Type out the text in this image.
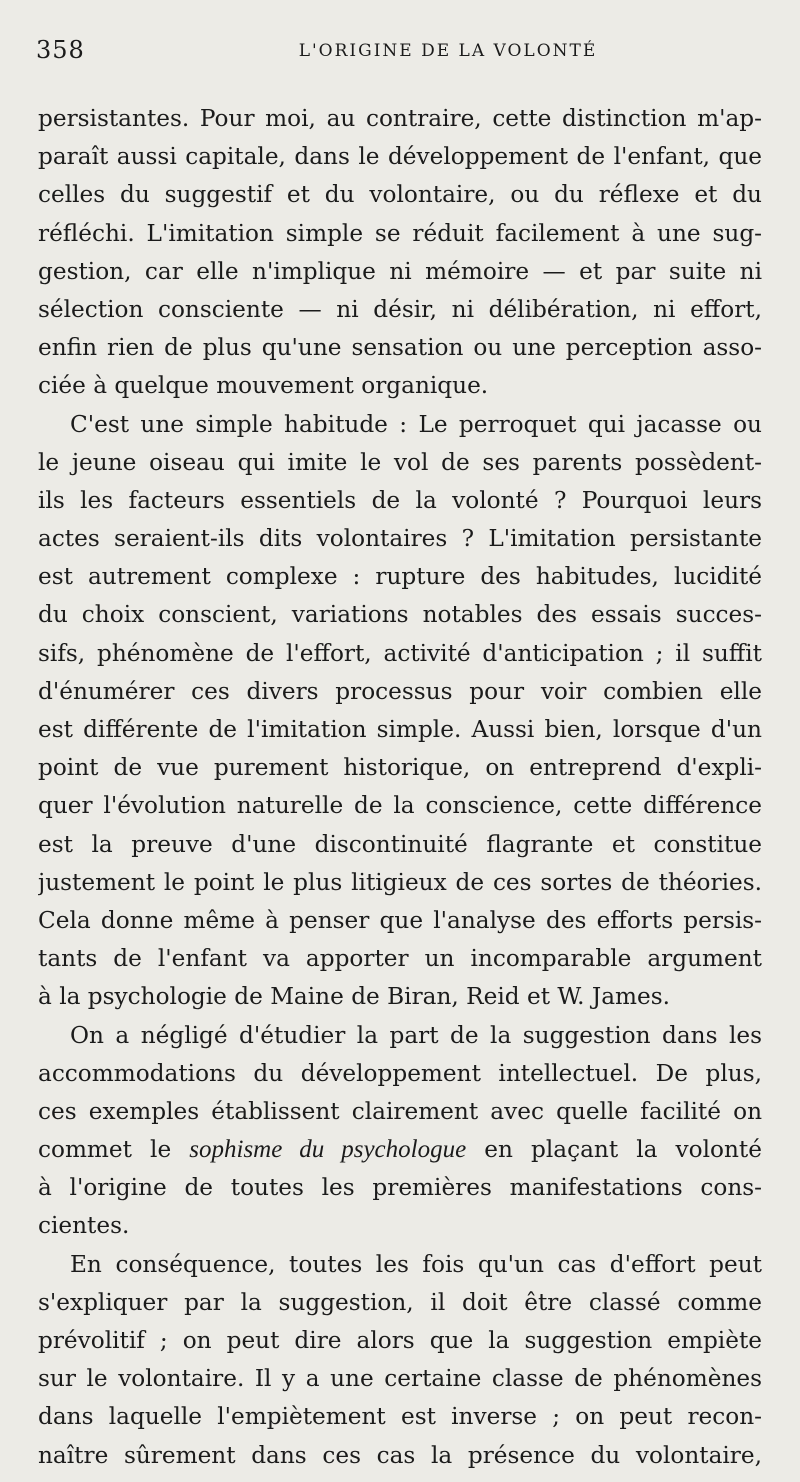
358	L'ORIGINE DE LA VOLONTÉ
persistantes. Pour moi, au contraire, cette distinction m'ap-
paraît aussi capitale, dans le développement de l'enfant, que
celles du suggestif et du volontaire, ou du réflexe et du
réfléchi. L'imitation simple se réduit facilement à une sug-
gestion, car elle n'implique ni mémoire — et par suite ni
sélection consciente — ni désir, ni délibération, ni effort,
enfin rien de plus qu'une sensation ou une perception asso-
ciée à quelque mouvement organique.
C'est une simple habitude : Le perroquet qui jacasse ou
le jeune oiseau qui imite le vol de ses parents possèdent-
ils les facteurs essentiels de la volonté ? Pourquoi leurs
actes seraient-ils dits volontaires ? L'imitation persistante
est autrement complexe : rupture des habitudes, lucidité
du choix conscient, variations notables des essais succes-
sifs, phénomène de l'effort, activité d'anticipation ; il suffit
d'énumérer ces divers processus pour voir combien elle
est différente de l'imitation simple. Aussi bien, lorsque d'un
point de vue purement historique, on entreprend d'expli-
quer l'évolution naturelle de la conscience, cette différence
est la preuve d'une discontinuité flagrante et constitue
justement le point le plus litigieux de ces sortes de théories.
Cela donne même à penser que l'analyse des efforts persis-
tants de l'enfant va apporter un incomparable argument
à la psychologie de Maine de Biran, Reid et W. James.
On a négligé d'étudier la part de la suggestion dans les
accommodations du développement intellectuel. De plus,
ces exemples établissent clairement avec quelle facilité on
commet le sophisme du psychologue en plaçant la volonté
à l'origine de toutes les premières manifestations cons-
cientes.
En conséquence, toutes les fois qu'un cas d'effort peut
s'expliquer par la suggestion, il doit être classé comme
prévolitif ; on peut dire alors que la suggestion empiète
sur le volontaire. Il y a une certaine classe de phénomènes
dans laquelle l'empiètement est inverse ; on peut recon-
naître sûrement dans ces cas la présence du volontaire,
